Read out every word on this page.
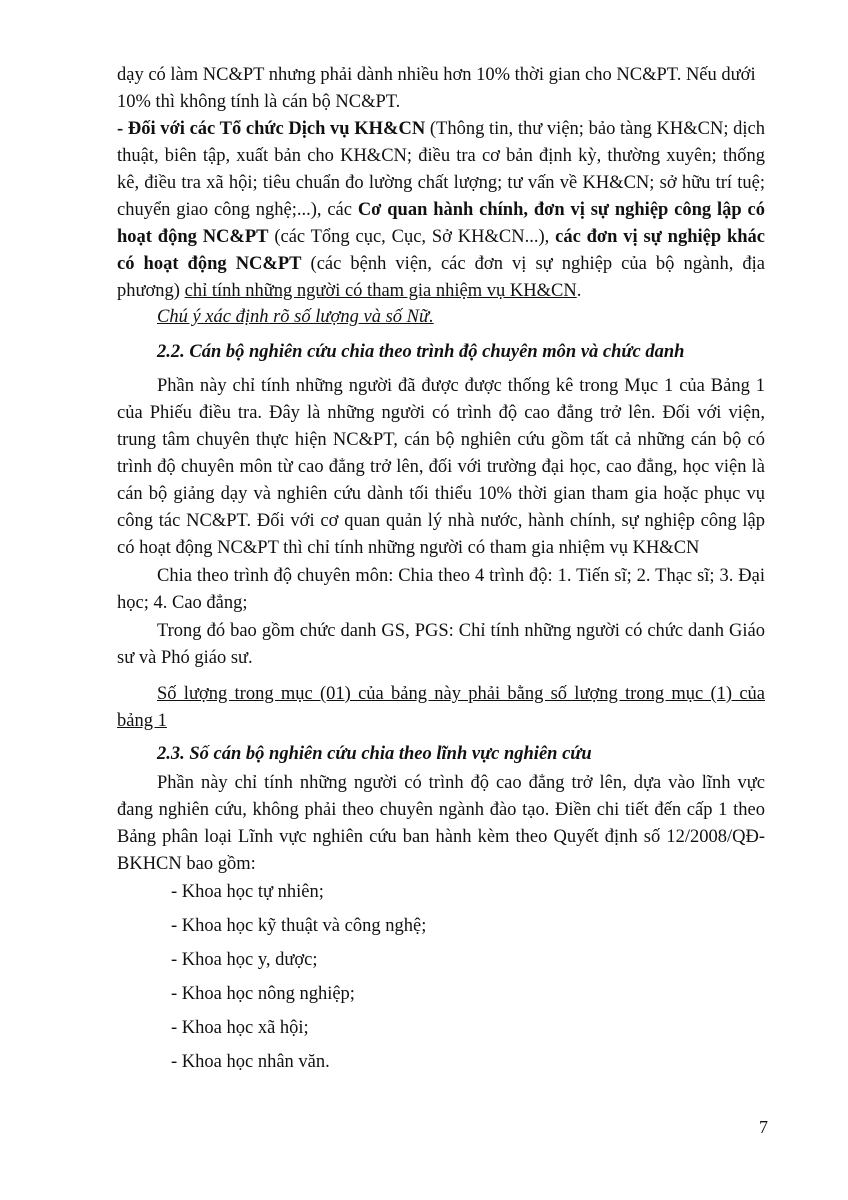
dạy có làm NC&PT nhưng phải dành nhiều hơn 10% thời gian cho NC&PT. Nếu dưới

10% thì không tính là cán bộ NC&PT.

- Đối với các Tổ chức Dịch vụ KH&CN (Thông tin, thư viện; bảo tàng KH&CN; dịch thuật, biên tập, xuất bản cho KH&CN; điều tra cơ bản định kỳ, thường xuyên; thống kê, điều tra xã hội; tiêu chuẩn đo lường chất lượng; tư vấn về KH&CN; sở hữu trí tuệ; chuyển giao công nghệ;...), các Cơ quan hành chính, đơn vị sự nghiệp công lập có hoạt động NC&PT (các Tổng cục, Cục, Sở KH&CN...), các đơn vị sự nghiệp khác có hoạt động NC&PT (các bệnh viện, các đơn vị sự nghiệp của bộ ngành, địa phương) chỉ tính những người có tham gia nhiệm vụ KH&CN.

Chú ý xác định rõ số lượng và số Nữ.

2.2. Cán bộ nghiên cứu chia theo trình độ chuyên môn và chức danh

Phần này chỉ tính những người đã được được thống kê trong Mục 1 của Bảng 1 của Phiếu điều tra. Đây là những người có trình độ cao đẳng trở lên. Đối với viện, trung tâm chuyên thực hiện NC&PT, cán bộ nghiên cứu gồm tất cả những cán bộ có trình độ chuyên môn từ cao đẳng trở lên, đối với trường đại học, cao đẳng, học viện là cán bộ giảng dạy và nghiên cứu dành tối thiểu 10% thời gian tham gia hoặc phục vụ công tác NC&PT. Đối với cơ quan quản lý nhà nước, hành chính, sự nghiệp công lập có hoạt động NC&PT thì chỉ tính những người có tham gia nhiệm vụ KH&CN

Chia theo trình độ chuyên môn: Chia theo 4 trình độ: 1. Tiến sĩ; 2. Thạc sĩ; 3. Đại học; 4. Cao đẳng;

Trong đó bao gồm chức danh GS, PGS: Chỉ tính những người có chức danh Giáo sư và Phó giáo sư.

Số lượng trong mục (01) của bảng này phải bằng số lượng trong mục (1) của bảng 1

2.3. Số cán bộ nghiên cứu chia theo lĩnh vực nghiên cứu

Phần này chỉ tính những người có trình độ cao đẳng trở lên, dựa vào lĩnh vực đang nghiên cứu, không phải theo chuyên ngành đào tạo. Điền chi tiết đến cấp 1 theo Bảng phân loại Lĩnh vực nghiên cứu ban hành kèm theo Quyết định số 12/2008/QĐ-BKHCN bao gồm:

- Khoa học tự nhiên;

- Khoa học kỹ thuật và công nghệ;

- Khoa học y, dược;

- Khoa học nông nghiệp;

- Khoa học xã hội;

- Khoa học nhân văn.

7
